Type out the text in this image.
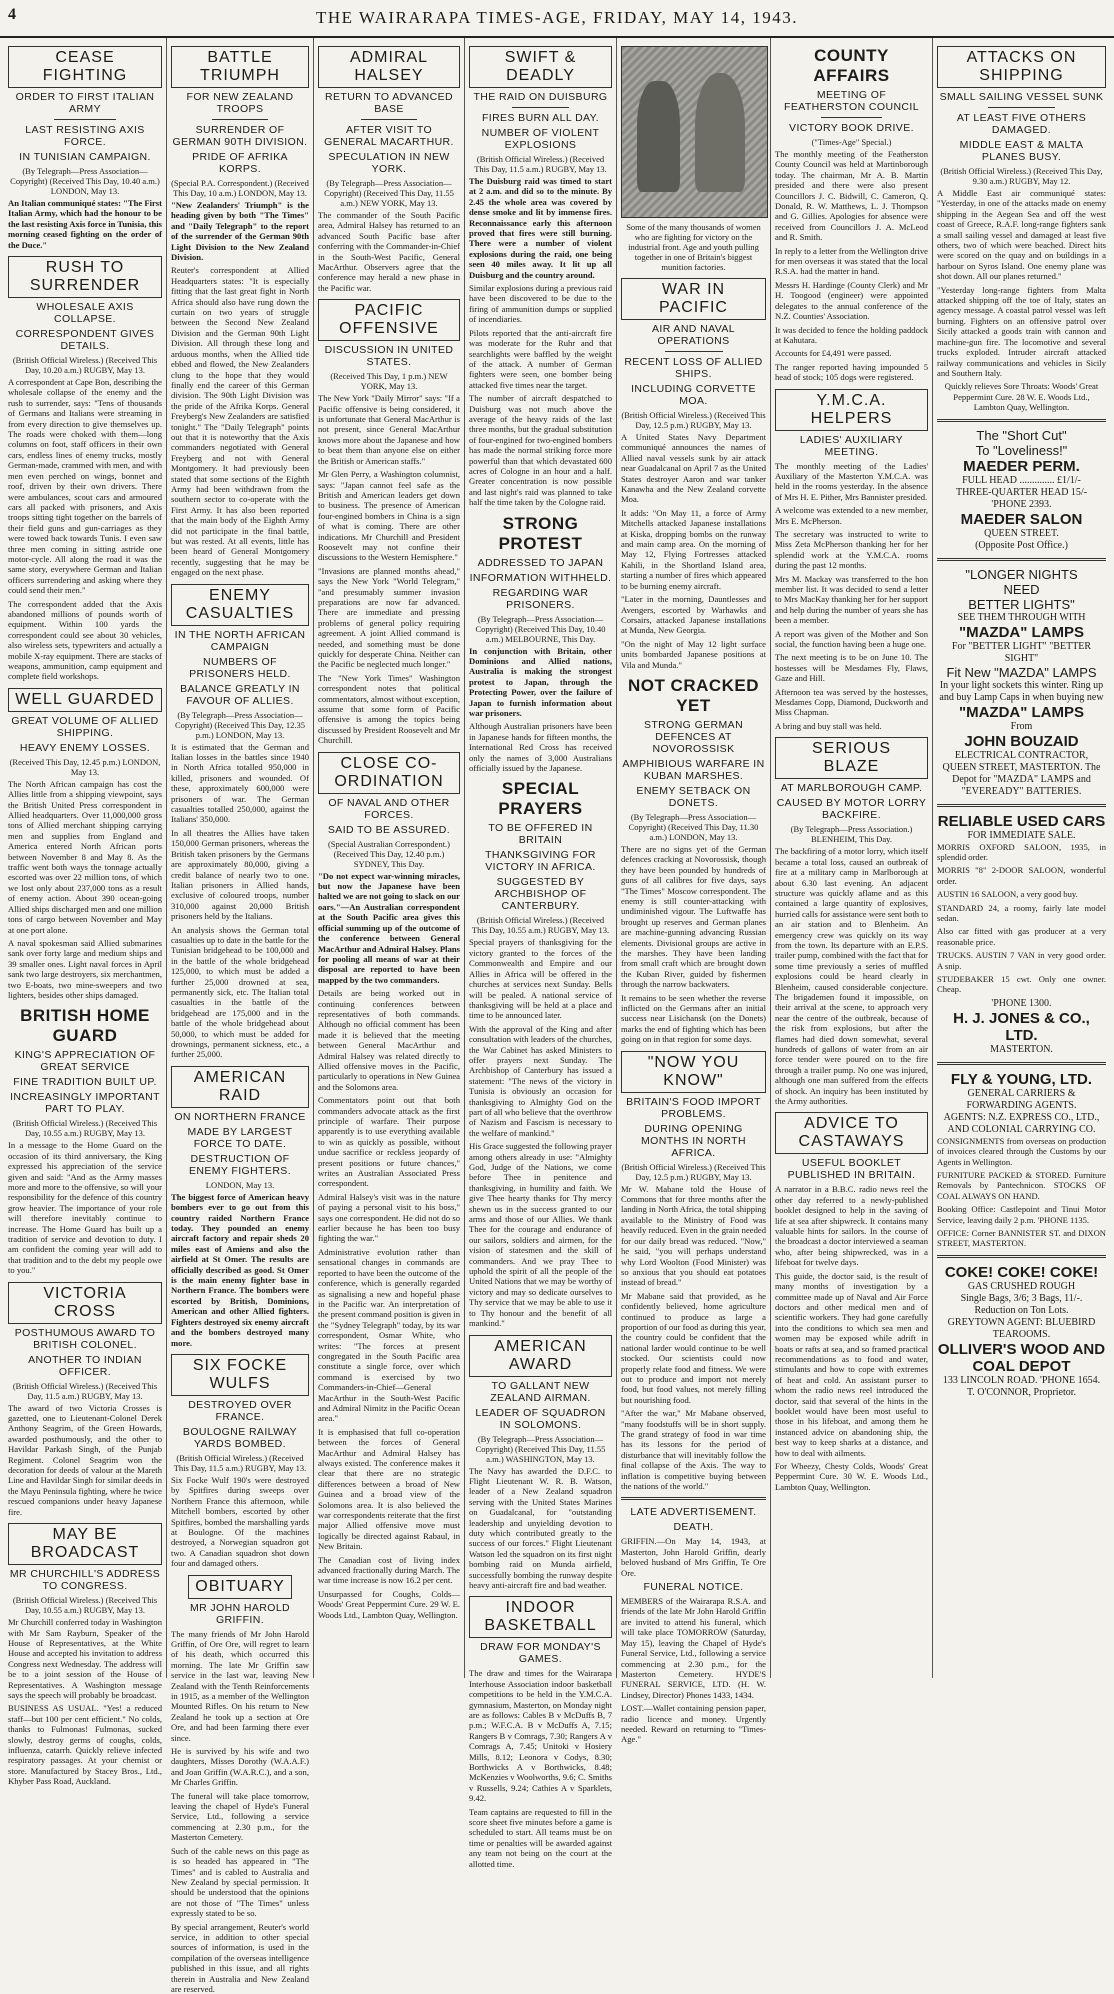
4	THE WAIRARAPA TIMES-AGE, FRIDAY, MAY 14, 1943.
CEASE FIGHTING
ORDER TO FIRST ITALIAN ARMY
LAST RESISTING AXIS FORCE.
IN TUNISIAN CAMPAIGN.
(By Telegraph—Press Association—Copyright) (Received This Day, 10.40 a.m.) LONDON, May 13.

An Italian communiqué states: "The First Italian Army, which had the honour to be the last resisting Axis force in Tunisia, this morning ceased fighting on the order of the Duce."

RUSH TO SURRENDER
WHOLESALE AXIS COLLAPSE.
CORRESPONDENT GIVES DETAILS.
(British Official Wireless.) (Received This Day, 10.20 a.m.) RUGBY, May 13.

A correspondent at Cape Bon, describing the wholesale collapse of the enemy and the rush to surrender, says: "Tens of thousands of Germans and Italians were streaming in from every direction to give themselves up. The roads were choked with them—long columns on foot, staff officers in their own cars, endless lines of enemy trucks, mostly German-made, crammed with men, and with men even perched on wings, bonnet and roof, driven by their own drivers. There were ambulances, scout cars and armoured cars all packed with prisoners, and Axis troops sitting tight together on the barrels of their field guns and gun-carriages as they were towed back towards Tunis. I even saw three men coming in sitting astride one motor-cycle. All along the road it was the same story, everywhere German and Italian officers surrendering and asking where they could send their men."

The correspondent added that the Axis abandoned millions of pounds worth of equipment. Within 100 yards the correspondent could see about 30 vehicles, also wireless sets, typewriters and actually a mobile X-ray equipment. There are stacks of weapons, ammunition, camp equipment and complete field workshops.

WELL GUARDED
GREAT VOLUME OF ALLIED SHIPPING.
HEAVY ENEMY LOSSES.
(Received This Day, 12.45 p.m.) LONDON, May 13.

The North African campaign has cost the Allies little from a shipping viewpoint, says the British United Press correspondent in Allied headquarters. Over 11,000,000 gross tons of Allied merchant shipping carrying men and supplies from England and America entered North African ports between November 8 and May 8. As the traffic went both ways the tonnage actually escorted was over 22 million tons, of which we lost only about 237,000 tons as a result of enemy action. About 390 ocean-going Allied ships discharged men and one million tons of cargo between November and May at one port alone.

A naval spokesman said Allied submarines sank over forty large and medium ships and 39 smaller ones. Light naval forces in April sank two large destroyers, six merchantmen, two E-boats, two mine-sweepers and two lighters, besides other ships damaged.

BRITISH HOME GUARD
KING'S APPRECIATION OF GREAT SERVICE
FINE TRADITION BUILT UP.
INCREASINGLY IMPORTANT PART TO PLAY.
(British Official Wireless.) (Received This Day, 10.55 a.m.) RUGBY, May 13.

In a message to the Home Guard on the occasion of its third anniversary, the King expressed his appreciation of the service given and said: "And as the Army masses more and more to the offensive, so will your responsibility for the defence of this country grow heavier. The importance of your role will therefore inevitably continue to increase. The Home Guard has built up a tradition of service and devotion to duty. I am confident the coming year will add to that tradition and to the debt my people owe to you."

VICTORIA CROSS
POSTHUMOUS AWARD TO BRITISH COLONEL.
ANOTHER TO INDIAN OFFICER.
(British Official Wireless.) (Received This Day, 11.5 a.m.) RUGBY, May 13.

The award of two Victoria Crosses is gazetted, one to Lieutenant-Colonel Derek Anthony Seagrim, of the Green Howards, awarded posthumously, and the other to Havildar Parkash Singh, of the Punjab Regiment. Colonel Seagrim won the decoration for deeds of valour at the Mareth Line and Havildar Singh for similar deeds in the Mayu Peninsula fighting, where he twice rescued companions under heavy Japanese fire.

MAY BE BROADCAST
MR CHURCHILL'S ADDRESS TO CONGRESS.
(British Official Wireless.) (Received This Day, 10.55 a.m.) RUGBY, May 13.

Mr Churchill conferred today in Washington with Mr Sam Rayburn, Speaker of the House of Representatives, at the White House and accepted his invitation to address Congress next Wednesday. The address will be to a joint session of the House of Representatives. A Washington message says the speech will probably be broadcast.

BUSINESS AS USUAL. "Yes! a reduced staff—but 100 per cent efficient." No colds, thanks to Fulmonas! Fulmonas, sucked slowly, destroy germs of coughs, colds, influenza, catarrh. Quickly relieve infected respiratory passages. At your chemist or store. Manufactured by Stacey Bros., Ltd., Khyber Pass Road, Auckland.

BATTLE TRIUMPH
FOR NEW ZEALAND TROOPS
SURRENDER OF GERMAN 90TH DIVISION.
PRIDE OF AFRIKA KORPS.
(Special P.A. Correspondent.) (Received This Day, 10 a.m.) LONDON, May 13.

"New Zealanders' Triumph" is the heading given by both "The Times" and "Daily Telegraph" to the report of the surrender of the German 90th Light Division to the New Zealand Division.

Reuter's correspondent at Allied Headquarters states: "It is especially fitting that the last great fight in North Africa should also have rung down the curtain on two years of struggle between the Second New Zealand Division and the German 90th Light Division. All through these long and arduous months, when the Allied tide ebbed and flowed, the New Zealanders clung to the hope that they would finally end the career of this German division. The 90th Light Division was the pride of the Afrika Korps. General Freyberg's New Zealanders are satisfied tonight." The "Daily Telegraph" points out that it is noteworthy that the Axis commanders negotiated with General Freyberg and not with General Montgomery. It had previously been stated that some sections of the Eighth Army had been withdrawn from the southern sector to co-operate with the First Army. It has also been reported that the main body of the Eighth Army did not participate in the final battle, but was rested. At all events, little has been heard of General Montgomery recently, suggesting that he may be engaged on the next phase.

ENEMY CASUALTIES
IN THE NORTH AFRICAN CAMPAIGN
NUMBERS OF PRISONERS HELD.
BALANCE GREATLY IN FAVOUR OF ALLIES.
(By Telegraph—Press Association—Copyright) (Received This Day, 12.35 p.m.) LONDON, May 13.

It is estimated that the German and Italian losses in the battles since 1940 in North Africa totalled 950,000 in killed, prisoners and wounded. Of these, approximately 600,000 were prisoners of war. The German casualties totalled 250,000, against the Italians' 350,000.

In all theatres the Allies have taken 150,000 German prisoners, whereas the British taken prisoners by the Germans are approximately 80,000, giving a credit balance of nearly two to one. Italian prisoners in Allied hands, exclusive of coloured troops, number 310,000 against 20,000 British prisoners held by the Italians.

An analysis shows the German total casualties up to date in the battle for the Tunisian bridgehead to be 100,000 and in the battle of the whole bridgehead 125,000, to which must be added a further 25,000 drowned at sea, permanently sick, etc. The Italian total casualties in the battle of the bridgehead are 175,000 and in the battle of the whole bridgehead about 50,000, to which must be added for drownings, permanent sickness, etc., a further 25,000.

AMERICAN RAID
ON NORTHERN FRANCE
MADE BY LARGEST FORCE TO DATE.
DESTRUCTION OF ENEMY FIGHTERS.
LONDON, May 13.

The biggest force of American heavy bombers ever to go out from this country raided Northern France today. They pounded an enemy aircraft factory and repair sheds 20 miles east of Amiens and also the airfield at St Omer. The results are officially described as good. St Omer is the main enemy fighter base in Northern France. The bombers were escorted by British, Dominions, American and other Allied fighters. Fighters destroyed six enemy aircraft and the bombers destroyed many more.

SIX FOCKE WULFS
DESTROYED OVER FRANCE.
BOULOGNE RAILWAY YARDS BOMBED.
(British Official Wireless.) (Received This Day, 11.5 a.m.) RUGBY, May 13.

Six Focke Wulf 190's were destroyed by Spitfires during sweeps over Northern France this afternoon, while Mitchell bombers, escorted by other Spitfires, bombed the marshalling yards at Boulogne. Of the machines destroyed, a Norwegian squadron got two. A Canadian squadron shot down four and damaged others.

OBITUARY
MR JOHN HAROLD GRIFFIN.

The many friends of Mr John Harold Griffin, of Ore Ore, will regret to learn of his death, which occurred this morning. The late Mr Griffin saw service in the last war, leaving New Zealand with the Tenth Reinforcements in 1915, as a member of the Wellington Mounted Rifles. On his return to New Zealand he took up a section at Ore Ore, and had been farming there ever since.

He is survived by his wife and two daughters, Misses Dorothy (W.A.A.F.) and Joan Griffin (W.A.R.C.), and a son, Mr Charles Griffin.

The funeral will take place tomorrow, leaving the chapel of Hyde's Funeral Service, Ltd., following a service commencing at 2.30 p.m., for the Masterton Cemetery.

Such of the cable news on this page as is so headed has appeared in "The Times" and is cabled to Australia and New Zealand by special permission. It should be understood that the opinions are not those of "The Times" unless expressly stated to be so.

By special arrangement, Reuter's world service, in addition to other special sources of information, is used in the compilation of the overseas intelligence published in this issue, and all rights therein in Australia and New Zealand are reserved.

ADMIRAL HALSEY
RETURN TO ADVANCED BASE
AFTER VISIT TO GENERAL MACARTHUR.
SPECULATION IN NEW YORK.
(By Telegraph—Press Association—Copyright) (Received This Day, 11.55 a.m.) NEW YORK, May 13.

The commander of the South Pacific area, Admiral Halsey has returned to an advanced South Pacific base after conferring with the Commander-in-Chief in the South-West Pacific, General MacArthur. Observers agree that the conference may herald a new phase in the Pacific war.

PACIFIC OFFENSIVE
DISCUSSION IN UNITED STATES.
(Received This Day, 1 p.m.) NEW YORK, May 13.

The New York "Daily Mirror" says: "If a Pacific offensive is being considered, it is unfortunate that General MacArthur is not present, since General MacArthur knows more about the Japanese and how to beat them than anyone else on either the British or American staffs."

Mr Glen Perry, a Washington columnist, says: "Japan cannot feel safe as the British and American leaders get down to business. The presence of American four-engined bombers in China is a sign of what is coming. There are other indications. Mr Churchill and President Roosevelt may not confine their discussions to the Western Hemisphere."

"Invasions are planned months ahead," says the New York "World Telegram," "and presumably summer invasion preparations are now far advanced. There are immediate and pressing problems of general policy requiring agreement. A joint Allied command is needed, and something must be done quickly for desperate China. Neither can the Pacific be neglected much longer."

The "New York Times" Washington correspondent notes that political commentators, almost without exception, assume that some form of Pacific offensive is among the topics being discussed by President Roosevelt and Mr Churchill.

CLOSE CO-ORDINATION
OF NAVAL AND OTHER FORCES.
SAID TO BE ASSURED.
(Special Australian Correspondent.) (Received This Day, 12.40 p.m.) SYDNEY, This Day.

"Do not expect war-winning miracles, but now the Japanese have been halted we are not going to slack on our oars."—An Australian correspondent at the South Pacific area gives this official summing up of the outcome of the conference between General MacArthur and Admiral Halsey. Plans for pooling all means of war at their disposal are reported to have been mapped by the two commanders.

Details are being worked out in continuing conferences between representatives of both commands. Although no official comment has been made it is believed that the meeting between General MacArthur and Admiral Halsey was related directly to Allied offensive moves in the Pacific, particularly to operations in New Guinea and the Solomons area.

Commentators point out that both commanders advocate attack as the first principle of warfare. Their purpose apparently is to use everything available to win as quickly as possible, without undue sacrifice or reckless jeopardy of present positions or future chances," writes an Australian Associated Press correspondent.

Admiral Halsey's visit was in the nature of paying a personal visit to his boss," says one correspondent. He did not do so earlier because he has been too busy fighting the war."

Administrative evolution rather than sensational changes in commands are reported to have been the outcome of the conference, which is generally regarded as signalising a new and hopeful phase in the Pacific war. An interpretation of the present command position is given in the "Sydney Telegraph" today, by its war correspondent, Osmar White, who writes: "The forces at present congregated in the South Pacific area constitute a single force, over which command is exercised by two Commanders-in-Chief—General MacArthur in the South-West Pacific and Admiral Nimitz in the Pacific Ocean area."

It is emphasised that full co-operation between the forces of General MacArthur and Admiral Halsey has always existed. The conference makes it clear that there are no strategic differences between a broad of New Guinea and a broad view of the Solomons area. It is also believed the war correspondents reiterate that the first major Allied offensive move must logically be directed against Rabaul, in New Britain.

The Canadian cost of living index advanced fractionally during March. The war time increase is now 16.2 per cent.

Unsurpassed for Coughs, Colds—Woods' Great Peppermint Cure. 29 W. E. Woods Ltd., Lambton Quay, Wellington.

SWIFT & DEADLY
THE RAID ON DUISBURG
FIRES BURN ALL DAY.
NUMBER OF VIOLENT EXPLOSIONS
(British Official Wireless.) (Received This Day, 11.5 a.m.) RUGBY, May 13.

The Duisburg raid was timed to start at 2 a.m. and did so to the minute. By 2.45 the whole area was covered by dense smoke and lit by immense fires. Reconnaissance early this afternoon proved that fires were still burning. There were a number of violent explosions during the raid, one being seen 40 miles away. It lit up all Duisburg and the country around.

Similar explosions during a previous raid have been discovered to be due to the firing of ammunition dumps or supplied of incendiaries.

Pilots reported that the anti-aircraft fire was moderate for the Ruhr and that searchlights were baffled by the weight of the attack. A number of German fighters were seen, one bomber being attacked five times near the target.

The number of aircraft despatched to Duisburg was not much above the average of the heavy raids of the last three months, but the gradual substitution of four-engined for two-engined bombers has made the normal striking force more powerful than that which devastated 600 acres of Cologne in an hour and a half. Greater concentration is now possible and last night's raid was planned to take half the time taken by the Cologne raid.

STRONG PROTEST
ADDRESSED TO JAPAN
INFORMATION WITHHELD.
REGARDING WAR PRISONERS.
(By Telegraph—Press Association—Copyright) (Received This Day, 10.40 a.m.) MELBOURNE, This Day.

In conjunction with Britain, other Dominions and Allied nations, Australia is making the strongest protest to Japan, through the Protecting Power, over the failure of Japan to furnish information about war prisoners.

Although Australian prisoners have been in Japanese hands for fifteen months, the International Red Cross has received only the names of 3,000 Australians officially issued by the Japanese.

SPECIAL PRAYERS
TO BE OFFERED IN BRITAIN
THANKSGIVING FOR VICTORY IN AFRICA.
SUGGESTED BY ARCHBISHOP OF CANTERBURY.
(British Official Wireless.) (Received This Day, 10.55 a.m.) RUGBY, May 13.

Special prayers of thanksgiving for the victory granted to the forces of the Commonwealth and Empire and our Allies in Africa will be offered in the churches at services next Sunday. Bells will be pealed. A national service of thanksgiving will be held at a place and time to be announced later.

With the approval of the King and after consultation with leaders of the churches, the War Cabinet has asked Ministers to offer prayers next Sunday. The Archbishop of Canterbury has issued a statement: "The news of the victory in Tunisia is obviously an occasion for thanksgiving to Almighty God on the part of all who believe that the overthrow of Nazism and Fascism is necessary to the welfare of mankind."

His Grace suggested the following prayer among others already in use: "Almighty God, Judge of the Nations, we come before Thee in penitence and thanksgiving, in humility and faith. We give Thee hearty thanks for Thy mercy shewn us in the success granted to our arms and those of our Allies. We thank Thee for the courage and endurance of our sailors, soldiers and airmen, for the vision of statesmen and the skill of commanders. And we pray Thee to uphold the spirit of all the people of the United Nations that we may be worthy of victory and may so dedicate ourselves to Thy service that we may be able to use it to Thy honour and the benefit of all mankind."

AMERICAN AWARD
TO GALLANT NEW ZEALAND AIRMAN.
LEADER OF SQUADRON IN SOLOMONS.
(By Telegraph—Press Association—Copyright) (Received This Day, 11.55 a.m.) WASHINGTON, May 13.

The Navy has awarded the D.F.C. to Flight Lieutenant W. R. B. Watson, leader of a New Zealand squadron serving with the United States Marines on Guadalcanal, for "outstanding leadership and unyielding devotion to duty which contributed greatly to the success of our forces." Flight Lieutenant Watson led the squadron on its first night bombing raid on Munda airfield, successfully bombing the runway despite heavy anti-aircraft fire and bad weather.

INDOOR BASKETBALL
DRAW FOR MONDAY'S GAMES.

The draw and times for the Wairarapa Interhouse Association indoor basketball competitions to be held in the Y.M.C.A. gymnasium, Masterton, on Monday night are as follows: Cables B v McDuffs B, 7 p.m.; W.F.C.A. B v McDuffs A, 7.15; Rangers B v Comrags, 7.30; Rangers A v Comrags A, 7.45; Unitoki v Hosiery Mills, 8.12; Leonora v Codys, 8.30; Borthwicks A v Borthwicks, 8.48; McKenzies v Woolworths, 9.6; C. Smiths v Russells, 9.24; Cathies A v Sparklets, 9.42.

Team captains are requested to fill in the score sheet five minutes before a game is scheduled to start. All teams must be on time or penalties will be awarded against any team not being on the court at the allotted time.

Some of the many thousands of women who are fighting for victory on the industrial front. Age and youth pulling together in one of Britain's biggest munition factories.
WAR IN PACIFIC
AIR AND NAVAL OPERATIONS
RECENT LOSS OF ALLIED SHIPS.
INCLUDING CORVETTE MOA.
(British Official Wireless.) (Received This Day, 12.5 p.m.) RUGBY, May 13.

A United States Navy Department communiqué announces the names of Allied naval vessels sunk by air attack near Guadalcanal on April 7 as the United States destroyer Aaron and war tanker Kanawha and the New Zealand corvette Moa.

It adds: "On May 11, a force of Army Mitchells attacked Japanese installations at Kiska, dropping bombs on the runway and main camp area. On the morning of May 12, Flying Fortresses attacked Kahili, in the Shortland Island area, starting a number of fires which appeared to be burning enemy aircraft.

"Later in the morning, Dauntlesses and Avengers, escorted by Warhawks and Corsairs, attacked Japanese installations at Munda, New Georgia.

"On the night of May 12 light surface units bombarded Japanese positions at Vila and Munda."

NOT CRACKED YET
STRONG GERMAN DEFENCES AT NOVOROSSISK
AMPHIBIOUS WARFARE IN KUBAN MARSHES.
ENEMY SETBACK ON DONETS.
(By Telegraph—Press Association—Copyright) (Received This Day, 11.30 a.m.) LONDON, May 13.

There are no signs yet of the German defences cracking at Novorossisk, though they have been pounded by hundreds of guns of all calibres for five days, says "The Times" Moscow correspondent. The enemy is still counter-attacking with undiminished vigour. The Luftwaffe has brought up reserves and German planes are machine-gunning advancing Russian elements. Divisional groups are active in the marshes. They have been landing from small craft which are brought down the Kuban River, guided by fishermen through the narrow backwaters.

It remains to be seen whether the reverse inflicted on the Germans after an initial success near Lisichansk (on the Donets) marks the end of fighting which has been going on in that region for some days.

"NOW YOU KNOW"
BRITAIN'S FOOD IMPORT PROBLEMS.
DURING OPENING MONTHS IN NORTH AFRICA.
(British Official Wireless.) (Received This Day, 12.5 p.m.) RUGBY, May 13.

Mr W. Mabane told the House of Commons that for three months after the landing in North Africa, the total shipping available to the Ministry of Food was heavily reduced. Even in the grain needed for our daily bread was reduced. "Now," he said, "you will perhaps understand why Lord Woolton (Food Minister) was so anxious that you should eat potatoes instead of bread."

Mr Mabane said that provided, as he confidently believed, home agriculture continued to produce as large a proportion of our food as during this year, the country could be confident that the national larder would continue to be well stocked. Our scientists could now properly relate food and fitness. We were out to produce and import not merely food, but food values, not merely filling but nourishing food.

"After the war," Mr Mabane observed, "many foodstuffs will be in short supply. The grand strategy of food in war time has its lessons for the period of disturbance that will inevitably follow the final collapse of the Axis. The way to inflation is competitive buying between the nations of the world."

LATE ADVERTISEMENT.
DEATH.

GRIFFIN.—On May 14, 1943, at Masterton, John Harold Griffin, dearly beloved husband of Mrs Griffin, Te Ore Ore.

FUNERAL NOTICE.

MEMBERS of the Wairarapa R.S.A. and friends of the late Mr John Harold Griffin are invited to attend his funeral, which will take place TOMORROW (Saturday, May 15), leaving the Chapel of Hyde's Funeral Service, Ltd., following a service commencing at 2.30 p.m., for the Masterton Cemetery. HYDE'S FUNERAL SERVICE, LTD. (H. W. Lindsey, Director) Phones 1433, 1434.

LOST.—Wallet containing pension paper, radio licence and money. Urgently needed. Reward on returning to "Times-Age."

COUNTY AFFAIRS
MEETING OF FEATHERSTON COUNCIL
VICTORY BOOK DRIVE.
("Times-Age" Special.)

The monthly meeting of the Featherston County Council was held at Martinborough today. The chairman, Mr A. B. Martin presided and there were also present Councillors J. C. Bidwill, C. Cameron, Q. Donald, R. W. Matthews, L. J. Thompson and G. Gillies. Apologies for absence were received from Councillors J. A. McLeod and R. Smith.

In reply to a letter from the Wellington drive for men overseas it was stated that the local R.S.A. had the matter in hand.

Messrs H. Hardinge (County Clerk) and Mr H. Toogood (engineer) were appointed delegates to the annual conference of the N.Z. Counties' Association.

It was decided to fence the holding paddock at Kahutara.

Accounts for £4,491 were passed.

The ranger reported having impounded 5 head of stock; 105 dogs were registered.

Y.M.C.A. HELPERS
LADIES' AUXILIARY MEETING.

The monthly meeting of the Ladies' Auxiliary of the Masterton Y.M.C.A. was held in the rooms yesterday. In the absence of Mrs H. E. Pither, Mrs Bannister presided.

A welcome was extended to a new member, Mrs E. McPherson.

The secretary was instructed to write to Miss Zeta McPherson thanking her for her splendid work at the Y.M.C.A. rooms during the past 12 months.

Mrs M. Mackay was transferred to the hon member list. It was decided to send a letter to Mrs MacKay thanking her for her support and help during the number of years she has been a member.

A report was given of the Mother and Son social, the function having been a huge one.

The next meeting is to be on June 10. The hostesses will be Mesdames Fly, Flaws, Gaze and Hill.

Afternoon tea was served by the hostesses, Mesdames Copp, Diamond, Duckworth and Miss Chapman.

A bring and buy stall was held.

SERIOUS BLAZE
AT MARLBOROUGH CAMP.
CAUSED BY MOTOR LORRY BACKFIRE.
(By Telegraph—Press Association.) BLENHEIM, This Day.

The backfiring of a motor lorry, which itself became a total loss, caused an outbreak of fire at a military camp in Marlborough at about 6.30 last evening. An adjacent structure was quickly aflame and as this contained a large quantity of explosives, hurried calls for assistance were sent both to an air station and to Blenheim. An emergency crew was quickly on its way from the town. Its departure with an E.P.S. trailer pump, combined with the fact that for some time previously a series of muffled explosions could be heard clearly in Blenheim, caused considerable conjecture. The brigademen found it impossible, on their arrival at the scene, to approach very near the centre of the outbreak, because of the risk from explosions, but after the flames had died down somewhat, several hundreds of gallons of water from an air force tender were poured on to the fire through a trailer pump. No one was injured, although one man suffered from the effects of shock. An inquiry has been instituted by the Army authorities.

ADVICE TO CASTAWAYS
USEFUL BOOKLET PUBLISHED IN BRITAIN.

A narrator in a B.B.C. radio news reel the other day referred to a newly-published booklet designed to help in the saving of life at sea after shipwreck. It contains many valuable hints for sailors. In the course of the broadcast a doctor interviewed a seaman who, after being shipwrecked, was in a lifeboat for twelve days.

This guide, the doctor said, is the result of many months of investigation by a committee made up of Naval and Air Force doctors and other medical men and of scientific workers. They had gone carefully into the conditions to which sea men and women may be exposed while adrift in boats or rafts at sea, and so framed practical recommendations as to food and water, stimulants and how to cope with extremes of heat and cold. An assistant purser to whom the radio news reel introduced the doctor, said that several of the hints in the booklet would have been most useful to those in his lifeboat, and among them he instanced advice on abandoning ship, the best way to keep sharks at a distance, and how to deal with ailments.

For Wheezy, Chesty Colds, Woods' Great Peppermint Cure. 30 W. E. Woods Ltd., Lambton Quay, Wellington.

ATTACKS ON SHIPPING
SMALL SAILING VESSEL SUNK
AT LEAST FIVE OTHERS DAMAGED.
MIDDLE EAST & MALTA PLANES BUSY.
(British Official Wireless.) (Received This Day, 9.30 a.m.) RUGBY, May 12.

A Middle East air communiqué states: "Yesterday, in one of the attacks made on enemy shipping in the Aegean Sea and off the west coast of Greece, R.A.F. long-range fighters sank a small sailing vessel and damaged at least five others, two of which were beached. Direct hits were scored on the quay and on buildings in a harbour on Syros Island. One enemy plane was shot down. All our planes returned."

"Yesterday long-range fighters from Malta attacked shipping off the toe of Italy, states an agency message. A coastal patrol vessel was left burning. Fighters on an offensive patrol over Sicily attacked a goods train with cannon and machine-gun fire. The locomotive and several trucks exploded. Intruder aircraft attacked railway communications and vehicles in Sicily and Southern Italy.

Quickly relieves Sore Throats: Woods' Great Peppermint Cure. 28 W. E. Woods Ltd., Lambton Quay, Wellington.

The "Short Cut"
To "Loveliness!"
MAEDER PERM.
FULL HEAD .............. £1/1/-
THREE-QUARTER HEAD 15/-
'PHONE 2393.
MAEDER SALON
QUEEN STREET.
(Opposite Post Office.)
"LONGER NIGHTS
NEED
BETTER LIGHTS"
SEE THEM THROUGH WITH
"MAZDA" LAMPS
For "BETTER LIGHT" "BETTER SIGHT"
Fit New "MAZDA" LAMPS
In your light sockets this winter. Ring up and buy Lamp Caps in when buying new
"MAZDA" LAMPS
From
JOHN BOUZAID
ELECTRICAL CONTRACTOR, QUEEN STREET, MASTERTON. The Depot for "MAZDA" LAMPS and "EVEREADY" BATTERIES.
RELIABLE USED CARS
FOR IMMEDIATE SALE.

MORRIS OXFORD SALOON, 1935, in splendid order.

MORRIS "8" 2-DOOR SALOON, wonderful order.

AUSTIN 16 SALOON, a very good buy.

STANDARD 24, a roomy, fairly late model sedan.

Also car fitted with gas producer at a very reasonable price.

TRUCKS. AUSTIN 7 VAN in very good order. A snip.

STUDEBAKER 15 cwt. Only one owner. Cheap.

'PHONE 1300.
H. J. JONES & CO., LTD.
MASTERTON.
FLY & YOUNG, LTD.
GENERAL CARRIERS & FORWARDING AGENTS.
AGENTS: N.Z. EXPRESS CO., LTD., AND COLONIAL CARRYING CO.

CONSIGNMENTS from overseas on production of invoices cleared through the Customs by our Agents in Wellington.

FURNITURE PACKED & STORED. Furniture Removals by Pantechnicon. STOCKS OF COAL ALWAYS ON HAND.

Booking Office: Castlepoint and Tinui Motor Service, leaving daily 2 p.m. 'PHONE 1135.

OFFICE: Corner BANNISTER ST. and DIXON STREET, MASTERTON.

COKE! COKE! COKE!
GAS CRUSHED ROUGH
Single Bags, 3/6; 3 Bags, 11/-.
Reduction on Ton Lots.
GREYTOWN AGENT: BLUEBIRD TEAROOMS.
OLLIVER'S WOOD AND COAL DEPOT
133 LINCOLN ROAD. 'PHONE 1654.
T. O'CONNOR, Proprietor.
